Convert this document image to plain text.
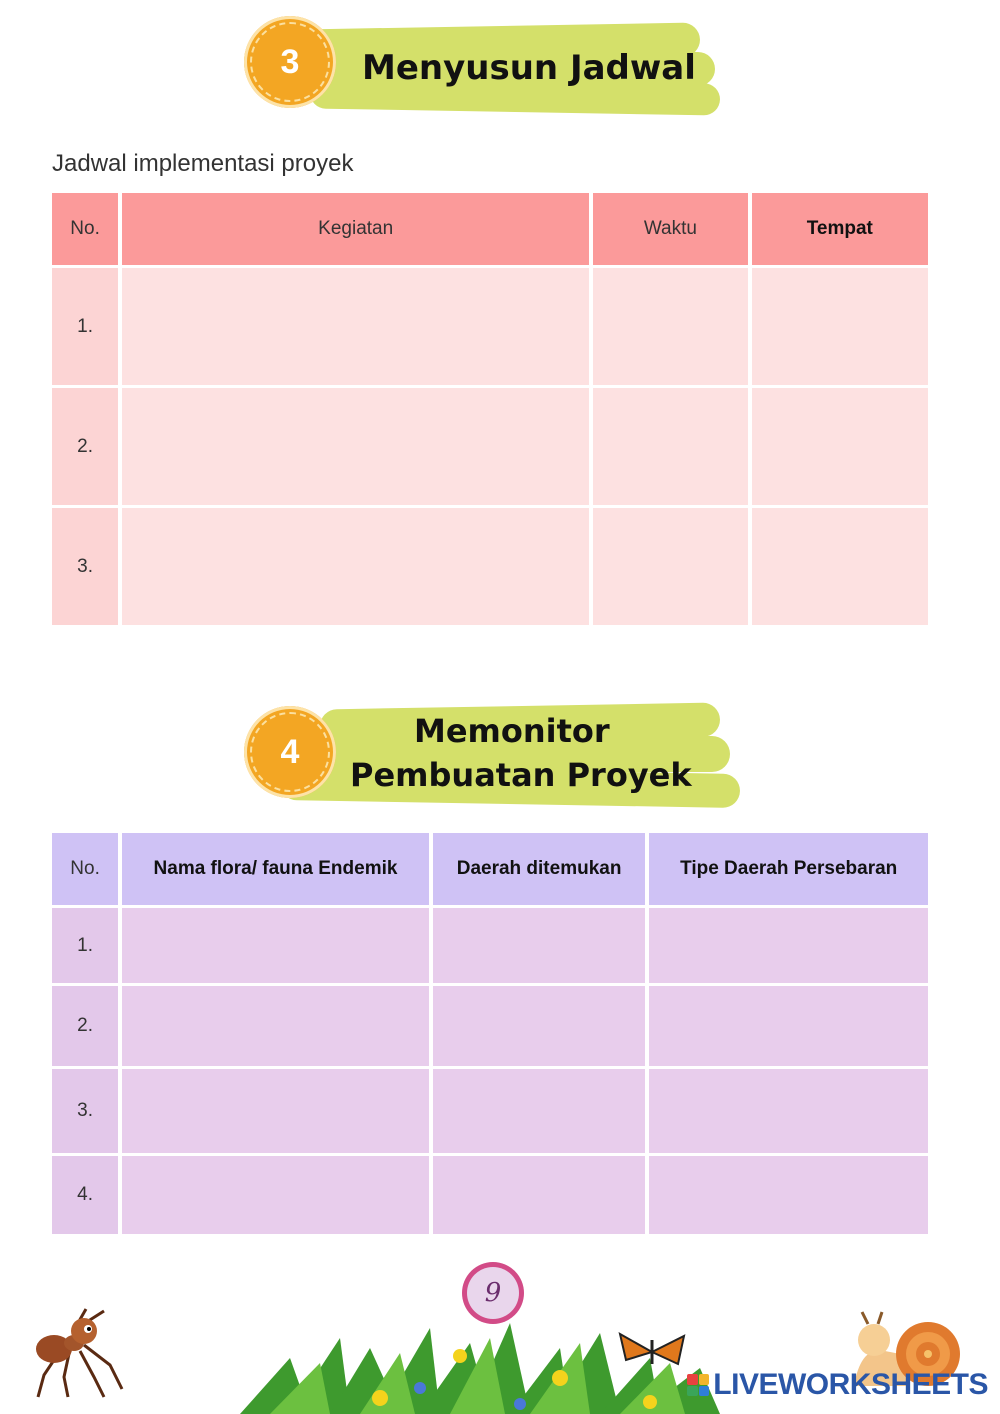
3 Menyusun Jadwal
Jadwal implementasi proyek
No.	Kegiatan	Waktu	Tempat
1.			
2.			
3.			
4
Memonitor
Pembuatan Proyek
No.	Nama flora/ fauna Endemik	Daerah ditemukan	Tipe Daerah Persebaran
1.			
2.			
3.			
4.			
9
LIVEWORKSHEETS
